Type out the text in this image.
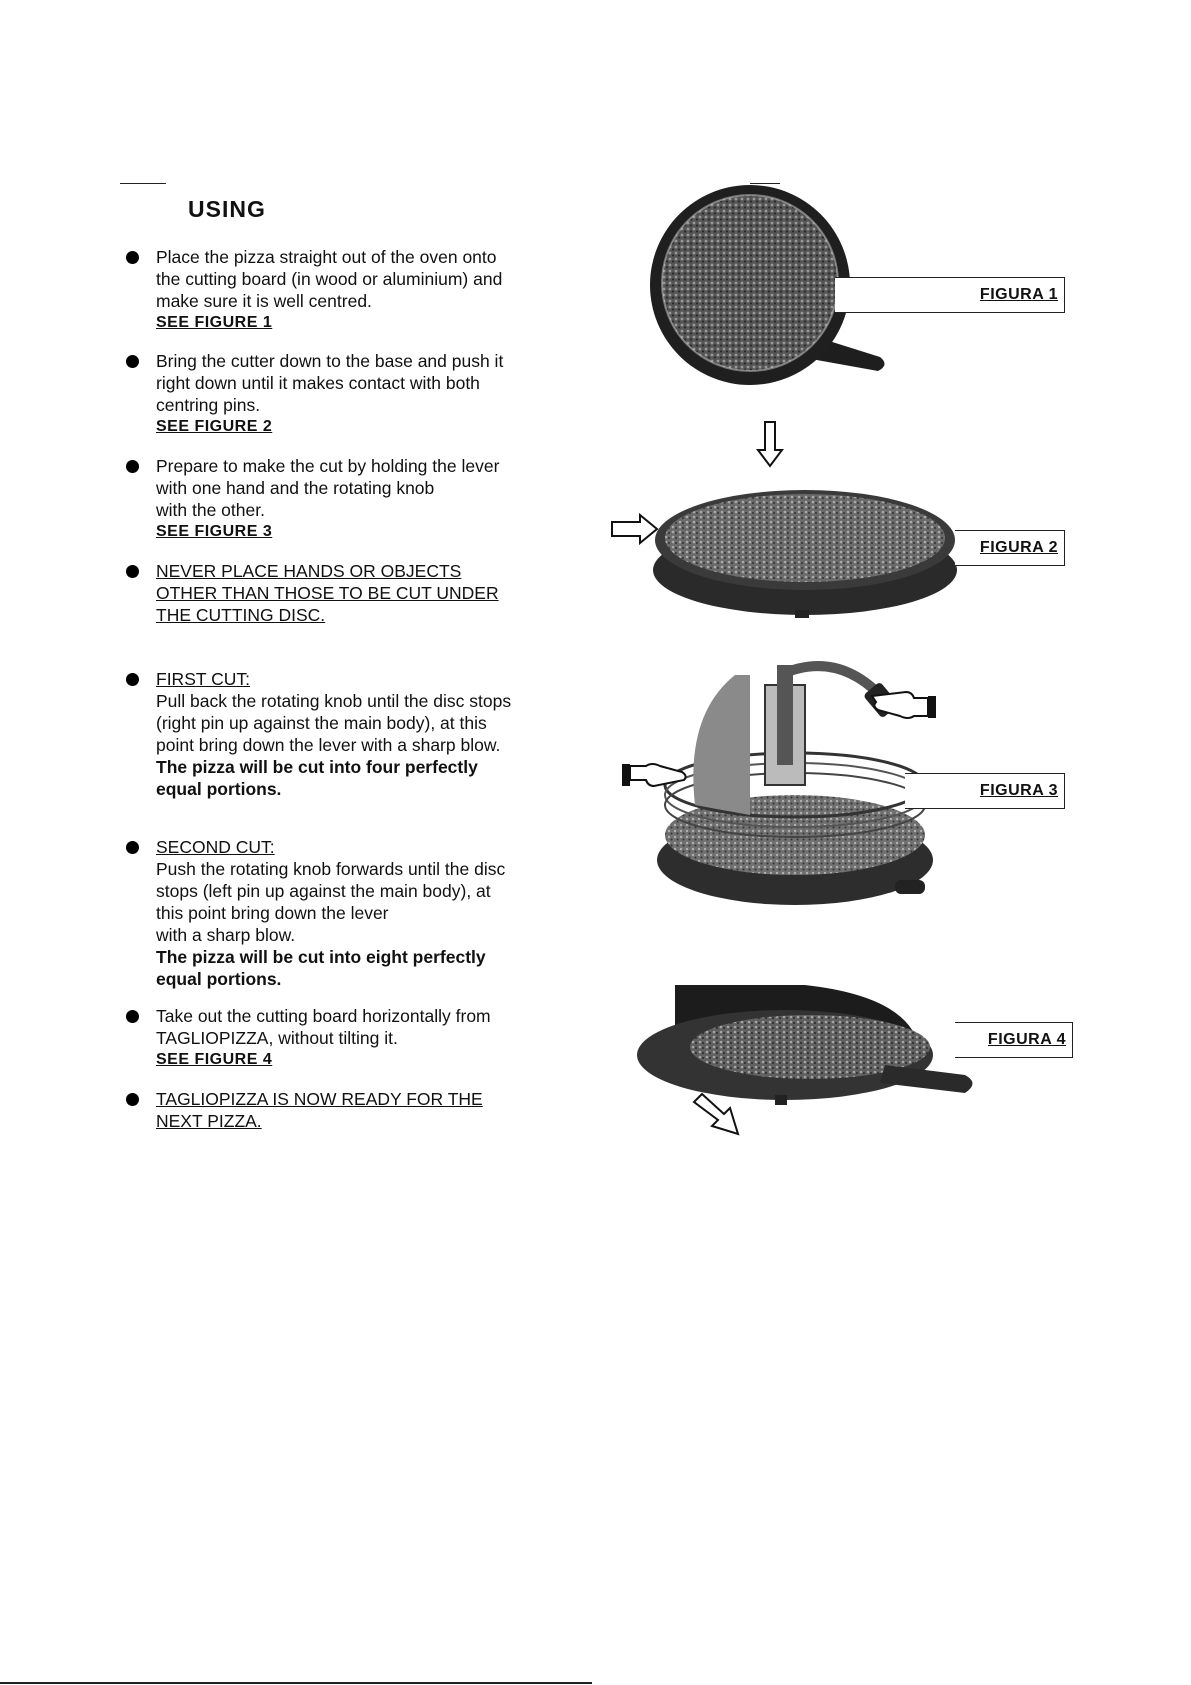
USING

Place the pizza straight out of the oven onto

the cutting board (in wood or aluminium) and

make sure it is well centred.

SEE FIGURE 1

Bring the cutter down to the base and push it

right down until it makes contact with both

centring pins.

SEE FIGURE 2

Prepare to make the cut by holding the lever

with one hand and the rotating knob

with the other.

SEE FIGURE 3

NEVER PLACE HANDS OR OBJECTS

OTHER THAN THOSE TO BE CUT UNDER

THE CUTTING DISC.

FIRST CUT:

Pull back the rotating knob until the disc stops

(right pin up against the main body), at this

point bring down the lever with a sharp blow.

The pizza will be cut into four perfectly

equal portions.

SECOND CUT:

Push the rotating knob forwards until the disc

stops (left pin up against the main body), at

this point bring down the lever

with a sharp blow.

The pizza will be cut into eight perfectly

equal portions.

Take out the cutting board horizontally from

TAGLIOPIZZA, without tilting it.

SEE FIGURE 4

TAGLIOPIZZA IS NOW READY FOR THE

NEXT PIZZA.

FIGURA 1
FIGURA 2
FIGURA 3
FIGURA 4
